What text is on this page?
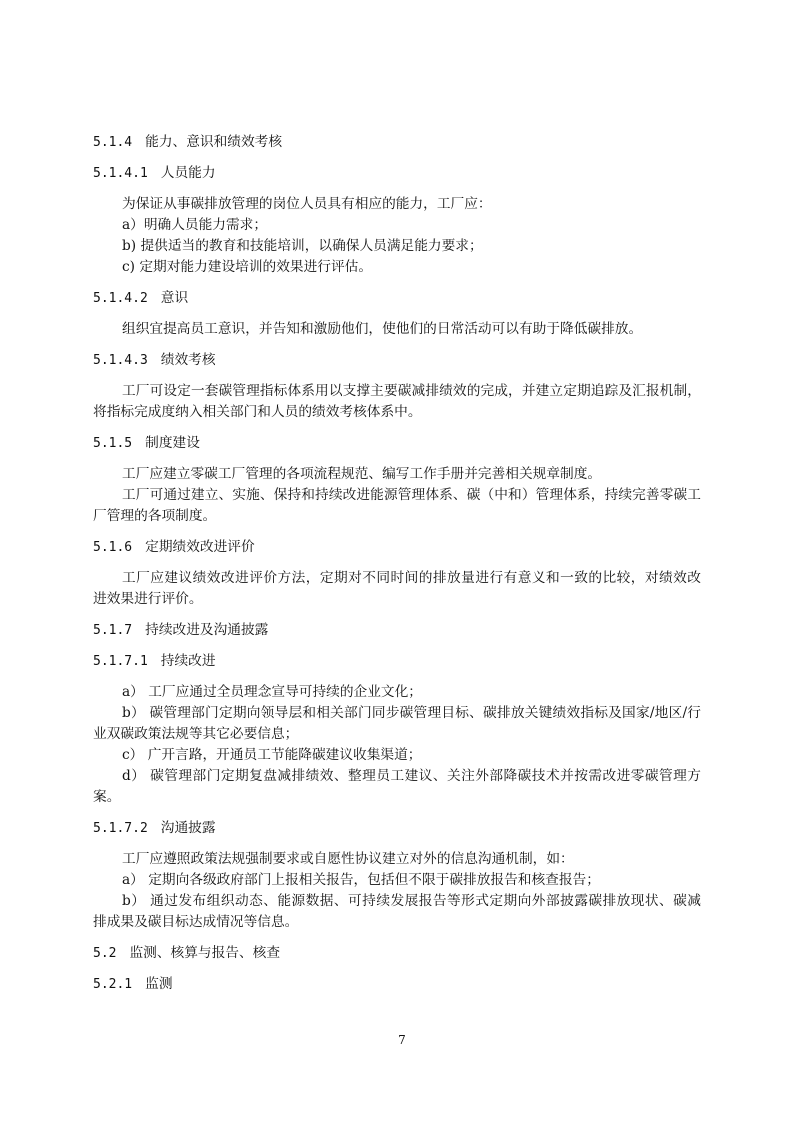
5.1.4 能力、意识和绩效考核
5.1.4.1 人员能力
为保证从事碳排放管理的岗位人员具有相应的能力，工厂应：
a）明确人员能力需求；
b) 提供适当的教育和技能培训，以确保人员满足能力要求；
c) 定期对能力建设培训的效果进行评估。
5.1.4.2 意识
组织宜提高员工意识，并告知和激励他们，使他们的日常活动可以有助于降低碳排放。
5.1.4.3 绩效考核
工厂可设定一套碳管理指标体系用以支撑主要碳减排绩效的完成，并建立定期追踪及汇报机制，
将指标完成度纳入相关部门和人员的绩效考核体系中。
5.1.5 制度建设
工厂应建立零碳工厂管理的各项流程规范、编写工作手册并完善相关规章制度。
工厂可通过建立、实施、保持和持续改进能源管理体系、碳（中和）管理体系，持续完善零碳工
厂管理的各项制度。
5.1.6 定期绩效改进评价
工厂应建议绩效改进评价方法，定期对不同时间的排放量进行有意义和一致的比较，对绩效改
进效果进行评价。
5.1.7 持续改进及沟通披露
5.1.7.1 持续改进
a） 工厂应通过全员理念宣导可持续的企业文化；
b） 碳管理部门定期向领导层和相关部门同步碳管理目标、碳排放关键绩效指标及国家/地区/行
业双碳政策法规等其它必要信息；
c） 广开言路，开通员工节能降碳建议收集渠道；
d） 碳管理部门定期复盘减排绩效、整理员工建议、关注外部降碳技术并按需改进零碳管理方
案。
5.1.7.2 沟通披露
工厂应遵照政策法规强制要求或自愿性协议建立对外的信息沟通机制，如：
a） 定期向各级政府部门上报相关报告，包括但不限于碳排放报告和核查报告；
b） 通过发布组织动态、能源数据、可持续发展报告等形式定期向外部披露碳排放现状、碳减
排成果及碳目标达成情况等信息。
5.2 监测、核算与报告、核查
5.2.1 监测
7
